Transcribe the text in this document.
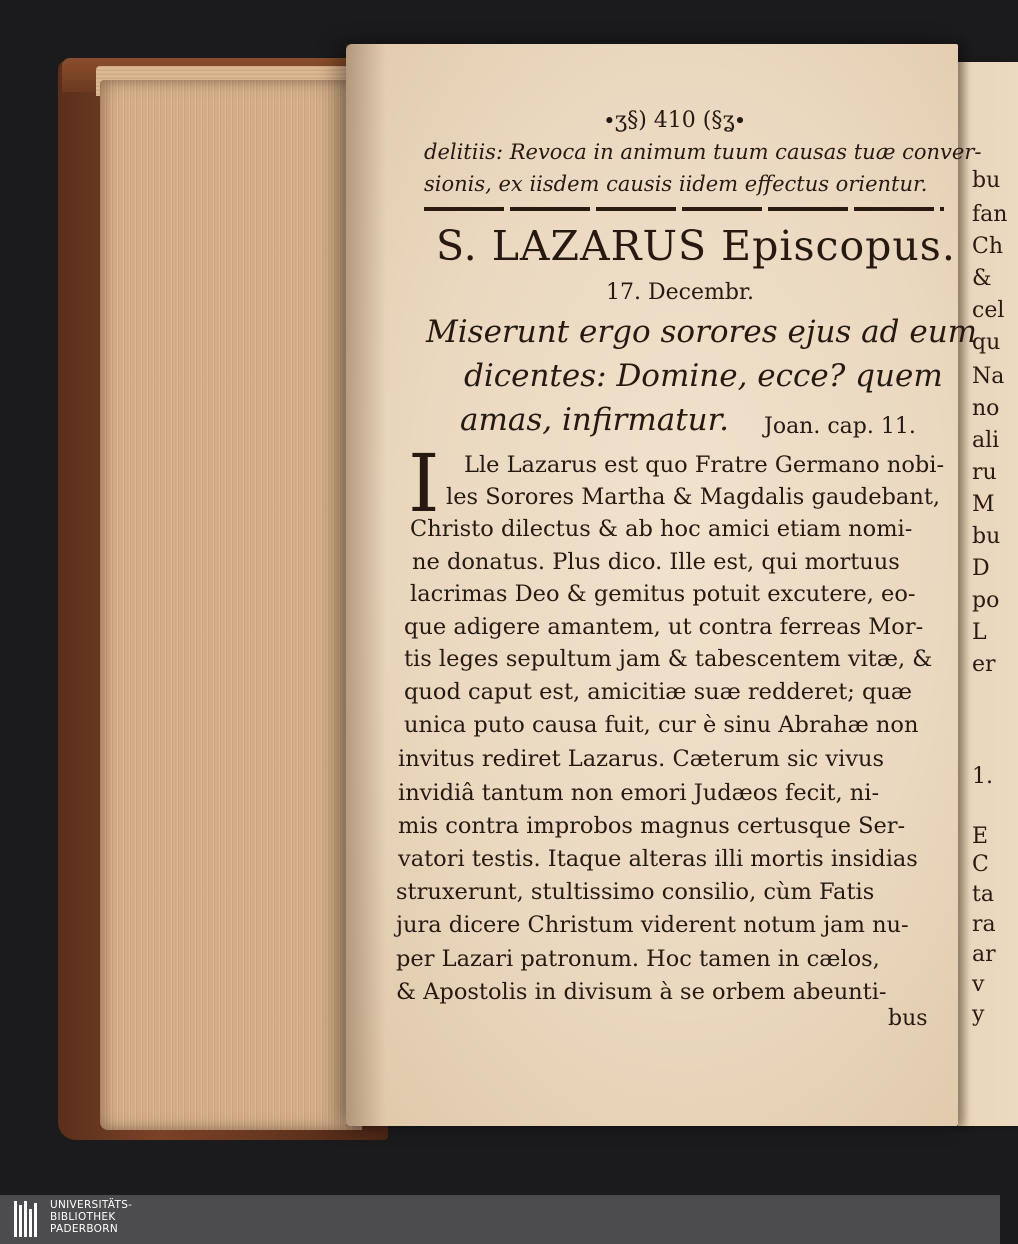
bu
fan
Ch
&
cel
qu
Na
no
ali
ru
M
bu
D
po
L
er
1.
E
C
ta
ra
ar
v
y
∙ʒ§) 410 (§ʓ∙
delitiis: Revoca in animum tuum causas tuæ conver-
sionis, ex iisdem causis iidem effectus orientur.
S. LAZARUS Episcopus.
17. Decembr.
Miserunt ergo sorores ejus ad eum
dicentes: Domine, ecce? quem
amas, infirmatur. Joan. cap. 11.
I Lle Lazarus est quo Fratre Germano nobi-
les Sorores Martha & Magdalis gaudebant,
Christo dilectus & ab hoc amici etiam nomi-
ne donatus. Plus dico. Ille est, qui mortuus
lacrimas Deo & gemitus potuit excutere, eo-
que adigere amantem, ut contra ferreas Mor-
tis leges sepultum jam & tabescentem vitæ, &
quod caput est, amicitiæ suæ redderet; quæ
unica puto causa fuit, cur è sinu Abrahæ non
invitus rediret Lazarus. Cæterum sic vivus
invidiâ tantum non emori Judæos fecit, ni-
mis contra improbos magnus certusque Ser-
vatori testis. Itaque alteras illi mortis insidias
struxerunt, stultissimo consilio, cùm Fatis
jura dicere Christum viderent notum jam nu-
per Lazari patronum. Hoc tamen in cælos,
& Apostolis in divisum à se orbem abeunti-
bus
UNIVERSITÄTS-
BIBLIOTHEK
PADERBORN
